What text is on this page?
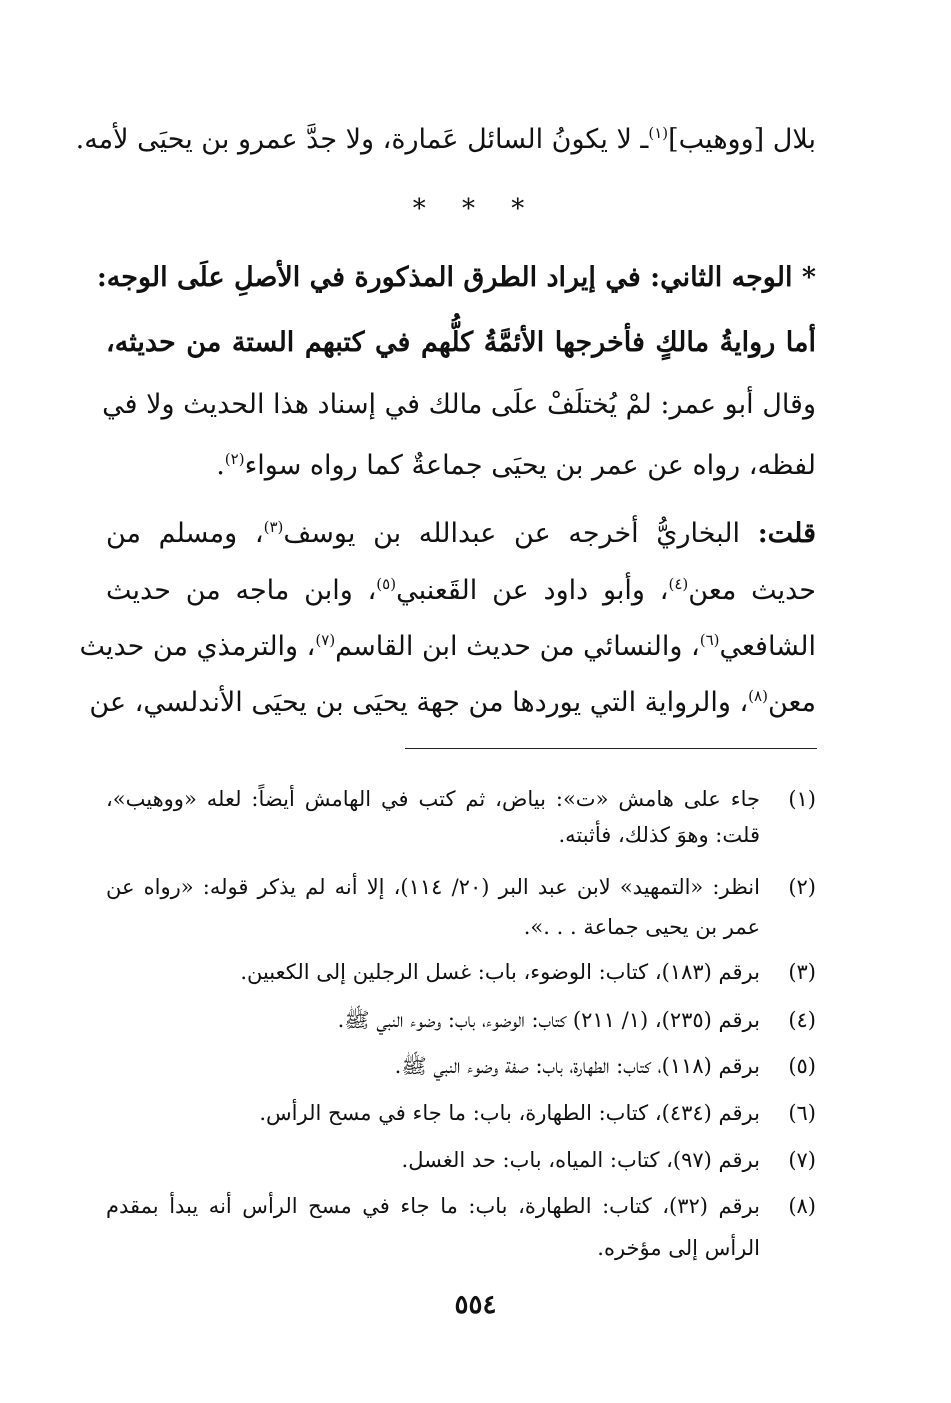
بلال [ووهيب]$^{(١)}$ـ لا يكونُ السائل عَمارة، ولا جدَّ عمرو بن يحيَى لأمه.
* * *
* الوجه الثاني: في إيراد الطرق المذكورة في الأصلِ علَى الوجه:
أما روايةُ مالكٍ فأخرجها الأئمَّةُ كلُّهم في كتبهم الستة من حديثه،
وقال أبو عمر: لمْ يُختلَفْ علَى مالك في إسناد هذا الحديث ولا في
لفظه، رواه عن عمر بن يحيَى جماعةٌ كما رواه سواء$^{(٢)}$.
قلت: البخاريُّ أخرجه عن عبدالله بن يوسف$^{(٣)}$، ومسلم من
حديث معن$^{(٤)}$، وأبو داود عن القَعنبي$^{(٥)}$، وابن ماجه من حديث
الشافعي$^{(٦)}$، والنسائي من حديث ابن القاسم$^{(٧)}$، والترمذي من حديث
معن$^{(٨)}$، والرواية التي يوردها من جهة يحيَى بن يحيَى الأندلسي، عن
(١)
جاء على هامش «ت»: بياض، ثم كتب في الهامش أيضاً: لعله «ووهيب»،
قلت: وهوَ كذلك، فأثبته.
(٢)
انظر: «التمهيد» لابن عبد البر (٢٠/ ١١٤)، إلا أنه لم يذكر قوله: «رواه عن
عمر بن يحيى جماعة . . .».
(٣)
برقم (١٨٣)، كتاب: الوضوء، باب: غسل الرجلين إلى الكعبين.
(٤)
برقم (٢٣٥)، (١/ ٢١١) كتاب: الوضوء، باب: وضوء النبي ﷺ.
(٥)
برقم (١١٨)، كتاب: الطهارة، باب: صفة وضوء النبي ﷺ.
(٦)
برقم (٤٣٤)، كتاب: الطهارة، باب: ما جاء في مسح الرأس.
(٧)
برقم (٩٧)، كتاب: المياه، باب: حد الغسل.
(٨)
برقم (٣٢)، كتاب: الطهارة، باب: ما جاء في مسح الرأس أنه يبدأ بمقدم
الرأس إلى مؤخره.
٥٥٤
